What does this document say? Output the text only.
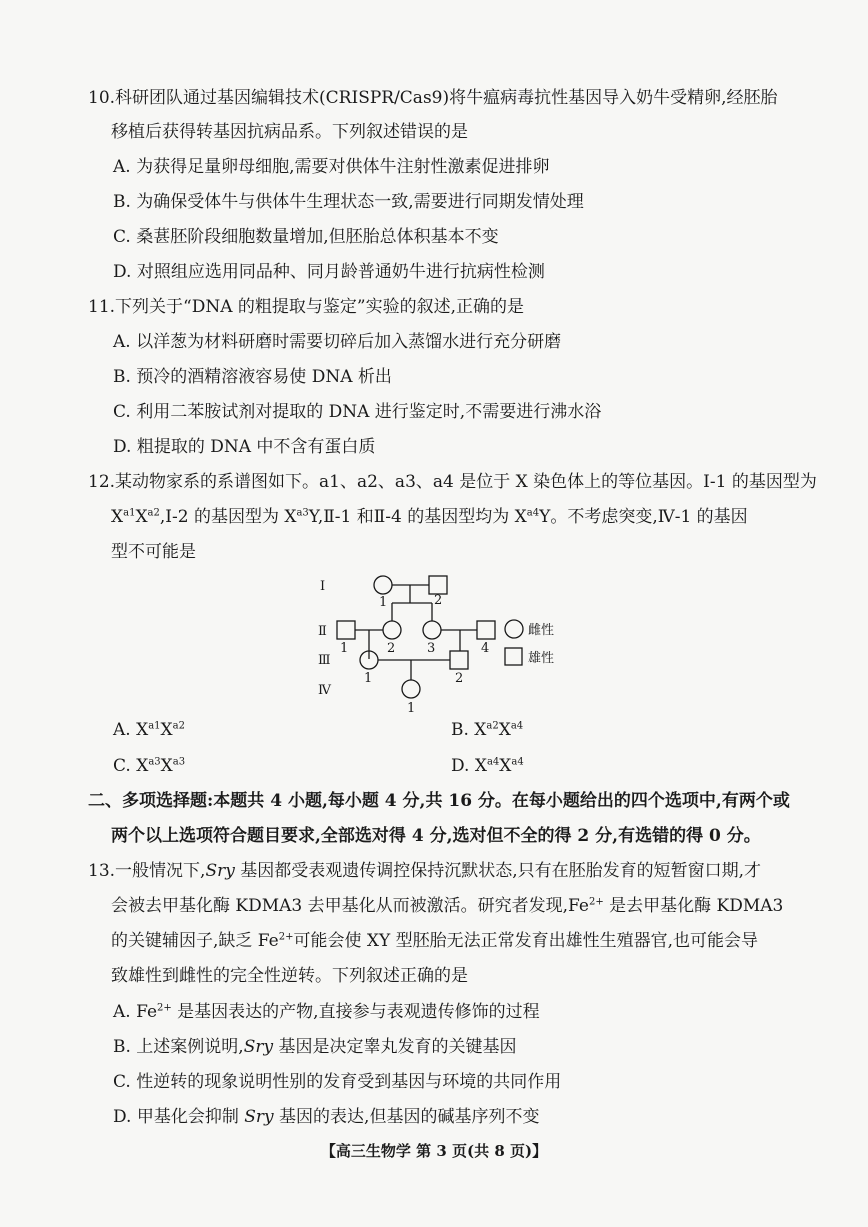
10.科研团队通过基因编辑技术(CRISPR/Cas9)将牛瘟病毒抗性基因导入奶牛受精卵,经胚胎
移植后获得转基因抗病品系。下列叙述错误的是
A. 为获得足量卵母细胞,需要对供体牛注射性激素促进排卵
B. 为确保受体牛与供体牛生理状态一致,需要进行同期发情处理
C. 桑葚胚阶段细胞数量增加,但胚胎总体积基本不变
D. 对照组应选用同品种、同月龄普通奶牛进行抗病性检测
11.下列关于“DNA 的粗提取与鉴定”实验的叙述,正确的是
A. 以洋葱为材料研磨时需要切碎后加入蒸馏水进行充分研磨
B. 预冷的酒精溶液容易使 DNA 析出
C. 利用二苯胺试剂对提取的 DNA 进行鉴定时,不需要进行沸水浴
D. 粗提取的 DNA 中不含有蛋白质
12.某动物家系的系谱图如下。a1、a2、a3、a4 是位于 X 染色体上的等位基因。Ⅰ-1 的基因型为
$X^{a1}X^{a2},Ⅰ-2$ 的基因型为 $X^{a3}Y,Ⅱ-1$ 和Ⅱ-4 的基因型均为 $X^{a4}Y$。不考虑突变,Ⅳ-1 的基因
型不可能是
Ⅰ
Ⅱ
Ⅲ
Ⅳ
1	2
1	2 3	4
1	2
1
雌性
雄性
A. $X^{a1}X^{a2}$	B. $X^{a2}X^{a4}$
C. $X^{a3}X^{a3}$	D. $X^{a4}X^{a4}$
二、多项选择题:本题共 4 小题,每小题 4 分,共 16 分。在每小题给出的四个选项中,有两个或
两个以上选项符合题目要求,全部选对得 4 分,选对但不全的得 2 分,有选错的得 0 分。
13.一般情况下,Sry 基因都受表观遗传调控保持沉默状态,只有在胚胎发育的短暂窗口期,才
会被去甲基化酶 KDMA3 去甲基化从而被激活。研究者发现$,Fe^{2+}$ 是去甲基化酶 KDMA3
的关键辅因子,缺乏 $Fe^{2+}$可能会使 XY 型胚胎无法正常发育出雄性生殖器官,也可能会导
致雄性到雌性的完全性逆转。下列叙述正确的是
A. $Fe^{2+}$ 是基因表达的产物,直接参与表观遗传修饰的过程
B. 上述案例说明,Sry 基因是决定睾丸发育的关键基因
C. 性逆转的现象说明性别的发育受到基因与环境的共同作用
D. 甲基化会抑制 Sry 基因的表达,但基因的碱基序列不变
【高三生物学 第 3 页(共 8 页)】
